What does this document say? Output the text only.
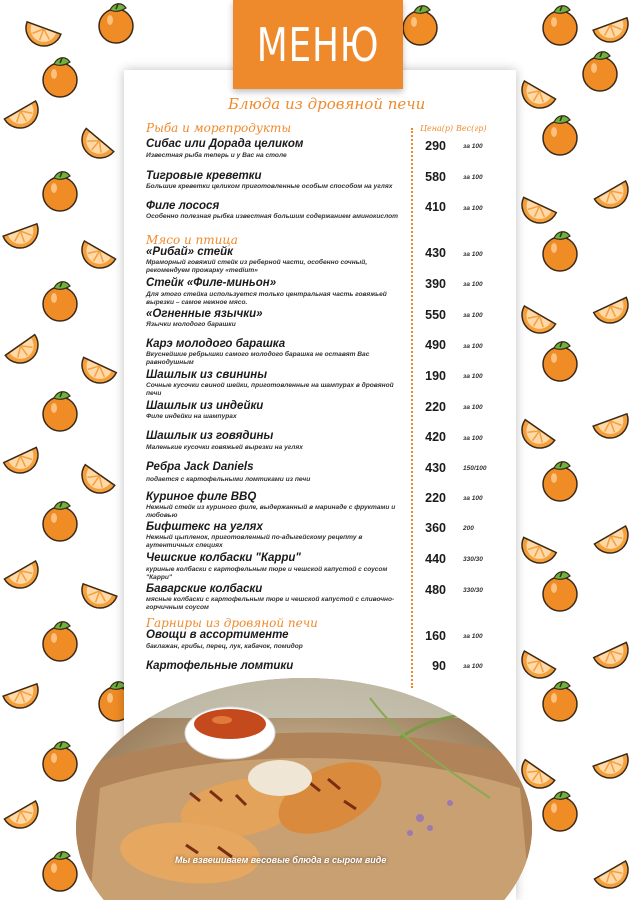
МЕНЮ
Блюда из дровяной печи
Рыба и морепродукты	Цена(р) Вес(гр)
Сибас или Дорада целиком
Известная рыба теперь и у Вас на столе
290	за 100
Тигровые креветки
Большие креветки целиком приготовленные особым способом на углях
580	за 100
Филе лосося
Особенно полезная рыбка известная большим содержанием аминокислот
410	за 100
Мясо и птица
«Рибай» стейк
Мраморный говяжий стейк из реберной части, особенно сочный, рекомендуем прожарку «medium»
430	за 100
Стейк «Филе-миньон»
Для этого стейка используется только центральная часть говяжьей вырезки – самое нежное мясо.
390	за 100
«Огненные язычки»
Язычки молодого барашки
550	за 100
Карэ молодого барашка
Вкуснейшие ребрышки самого молодого барашка не оставят Вас равнодушным
490	за 100
Шашлык из свинины
Сочные кусочки свиной шейки, приготовленные на шампурах в дровяной печи
190	за 100
Шашлык из индейки
Филе индейки на шампурах
220	за 100
Шашлык из говядины
Маленькие кусочки говяжьей вырезки на углях
420	за 100
Ребра Jack Daniels
подается с картофельными ломтиками из печи
430	150/100
Куриное филе BBQ
Нежный стейк из куриного филе, выдержанный в маринаде с фруктами и любовью
220	за 100
Бифштекс на углях
Нежный цыпленок, приготовленный по-адыгейскому рецепту в аутентичных специях
360	200
Чешские колбаски "Карри"
куриные колбаски с картофельным пюре и чешской капустой с соусом "Карри"
440	330/30
Баварские колбаски
мясные колбаски с картофельным пюре и чешской капустой с сливочно-горчичным соусом
480	330/30
Гарниры из дровяной печи
Овощи в ассортименте
баклажан, грибы, перец, лук, кабачок, помидор
160	за 100
Картофельные ломтики	90	за 100
Мы взвешиваем весовые блюда в сыром виде
